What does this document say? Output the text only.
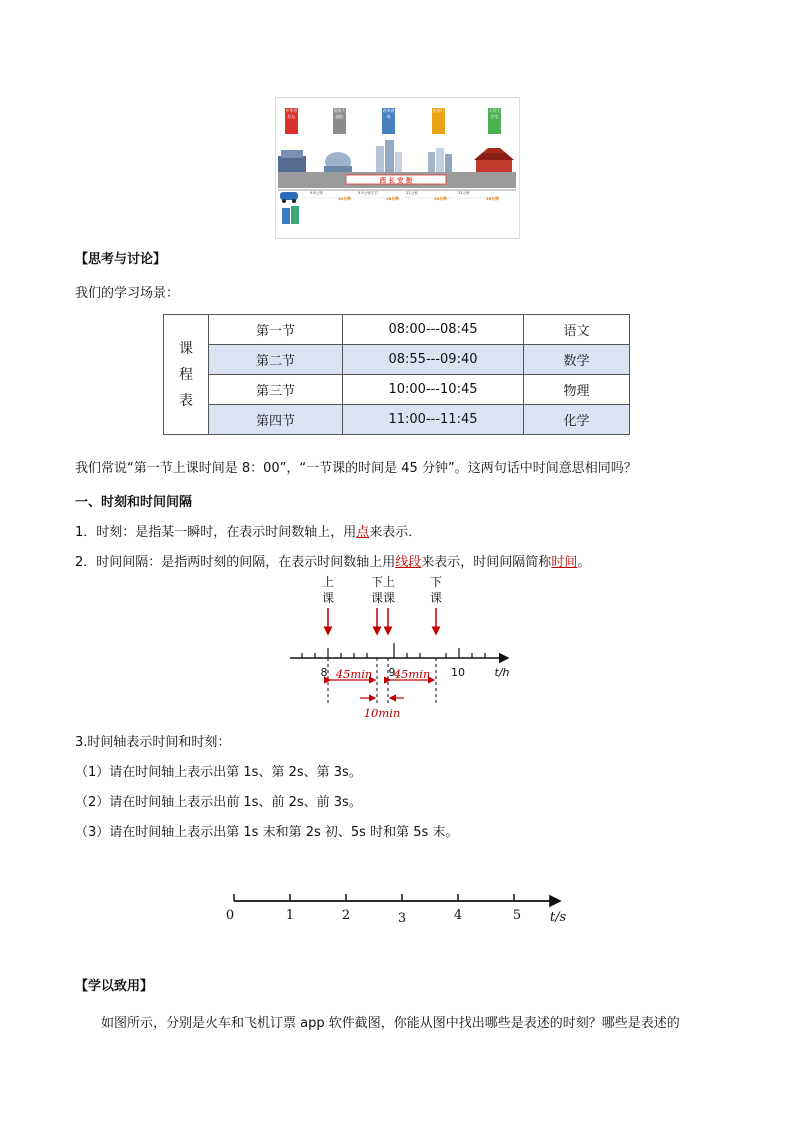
中华世纪坛
国家大剧院
西单商场
天安门	人民大会堂
西 长 安 街
4.6公里	5.5公里左右	21公里	31公里
10分钟	18分钟	30分钟	36分钟
【思考与讨论】
我们的学习场景：
课
程
表	第一节	08:00---08:45	语文
	第二节	08:55---09:40	数学
	第三节	10:00---10:45	物理
	第四节	11:00---11:45	化学
我们常说“第一节上课时间是 8：00”，“一节课的时间是 45 分钟”。这两句话中时间意思相同吗？
一、时刻和时间间隔
1．时刻：是指某一瞬时，在表示时间数轴上，用点来表示．
2．时间间隔：是指两时刻的间隔，在表示时间数轴上用线段来表示，时间间隔简称时间。
上
课
下上
课课
下
课
8	9	10	t/h
45min 45min
10min
3.时间轴表示时间和时刻：
（1）请在时间轴上表示出第 1s、第 2s、第 3s。
（2）请在时间轴上表示出前 1s、前 2s、前 3s。
（3）请在时间轴上表示出第 1s 末和第 2s 初、5s 时和第 5s 末。
0	1	2	3	4	5 t/s
【学以致用】
如图所示，分别是火车和飞机订票 app 软件截图，你能从图中找出哪些是表述的时刻？哪些是表述的
